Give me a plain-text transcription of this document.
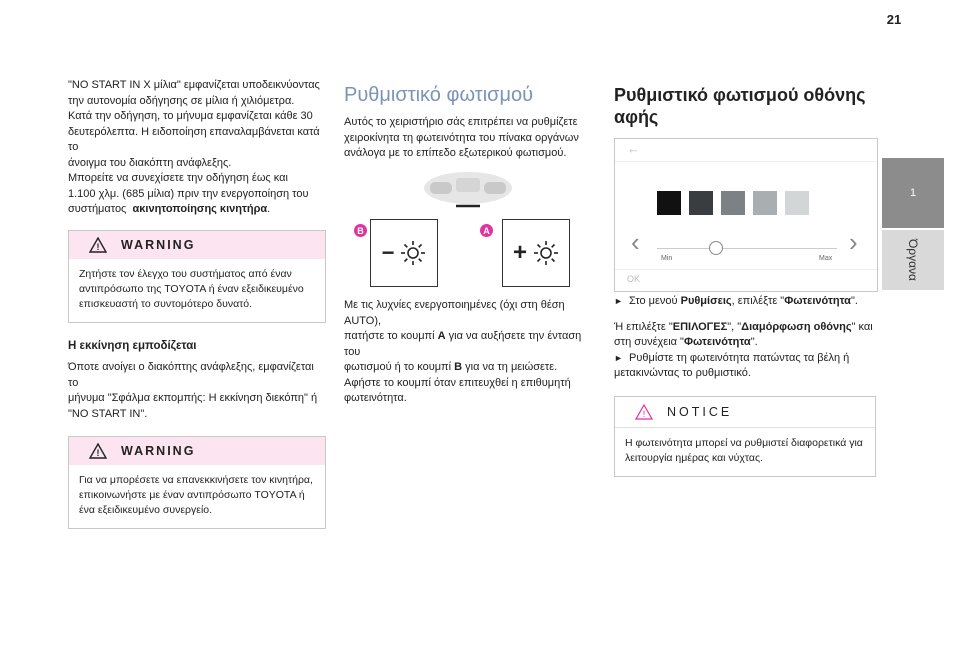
21
1
Όργανα

"NO START IN X μίλια" εμφανίζεται υποδεικνύοντας

την αυτονομία οδήγησης σε μίλια ή χιλιόμετρα.

Κατά την οδήγηση, το μήνυμα εμφανίζεται κάθε 30

δευτερόλεπτα. Η ειδοποίηση επαναλαμβάνεται κατά το

άνοιγμα του διακόπτη ανάφλεξης.

Μπορείτε να συνεχίσετε την οδήγηση έως και

1.100 χλμ. (685 μίλια) πριν την ενεργοποίηση του

συστήματος ακινητοποίησης κινητήρα.

! WARNING
Ζητήστε τον έλεγχο του συστήματος από έναν
αντιπρόσωπο της TOYOTA ή έναν εξειδικευμένο
επισκευαστή το συντομότερο δυνατό.

Η εκκίνηση εμποδίζεται

Όποτε ανοίγει ο διακόπτης ανάφλεξης, εμφανίζεται το

μήνυμα "Σφάλμα εκπομπής: Η εκκίνηση διεκόπη" ή

"NO START IN".

! WARNING
Για να μπορέσετε να επανεκκινήσετε τον κινητήρα,
επικοινωνήστε με έναν αντιπρόσωπο TOYOTA ή
ένα εξειδικευμένο συνεργείο.
Ρυθμιστικό φωτισμού

Αυτός το χειριστήριο σάς επιτρέπει να ρυθμίζετε

χειροκίνητα τη φωτεινότητα του πίνακα οργάνων

ανάλογα με το επίπεδο εξωτερικού φωτισμού.

B
−
A
+

Με τις λυχνίες ενεργοποιημένες (όχι στη θέση AUTO),

πατήστε το κουμπί A για να αυξήσετε την ένταση του

φωτισμού ή το κουμπί B για να τη μειώσετε.

Αφήστε το κουμπί όταν επιτευχθεί η επιθυμητή

φωτεινότητα.

Ρυθμιστικό φωτισμού οθόνης
αφής
←
‹	›
Min	Max
OK

► Στο μενού Ρυθμίσεις, επιλέξτε "Φωτεινότητα".

Ή επιλέξτε "ΕΠΙΛΟΓΕΣ", "Διαμόρφωση οθόνης" και

στη συνέχεια "Φωτεινότητα".

► Ρυθμίστε τη φωτεινότητα πατώντας τα βέλη ή

μετακινώντας το ρυθμιστικό.

! NOTICE
Η φωτεινότητα μπορεί να ρυθμιστεί διαφορετικά για
λειτουργία ημέρας και νύχτας.
